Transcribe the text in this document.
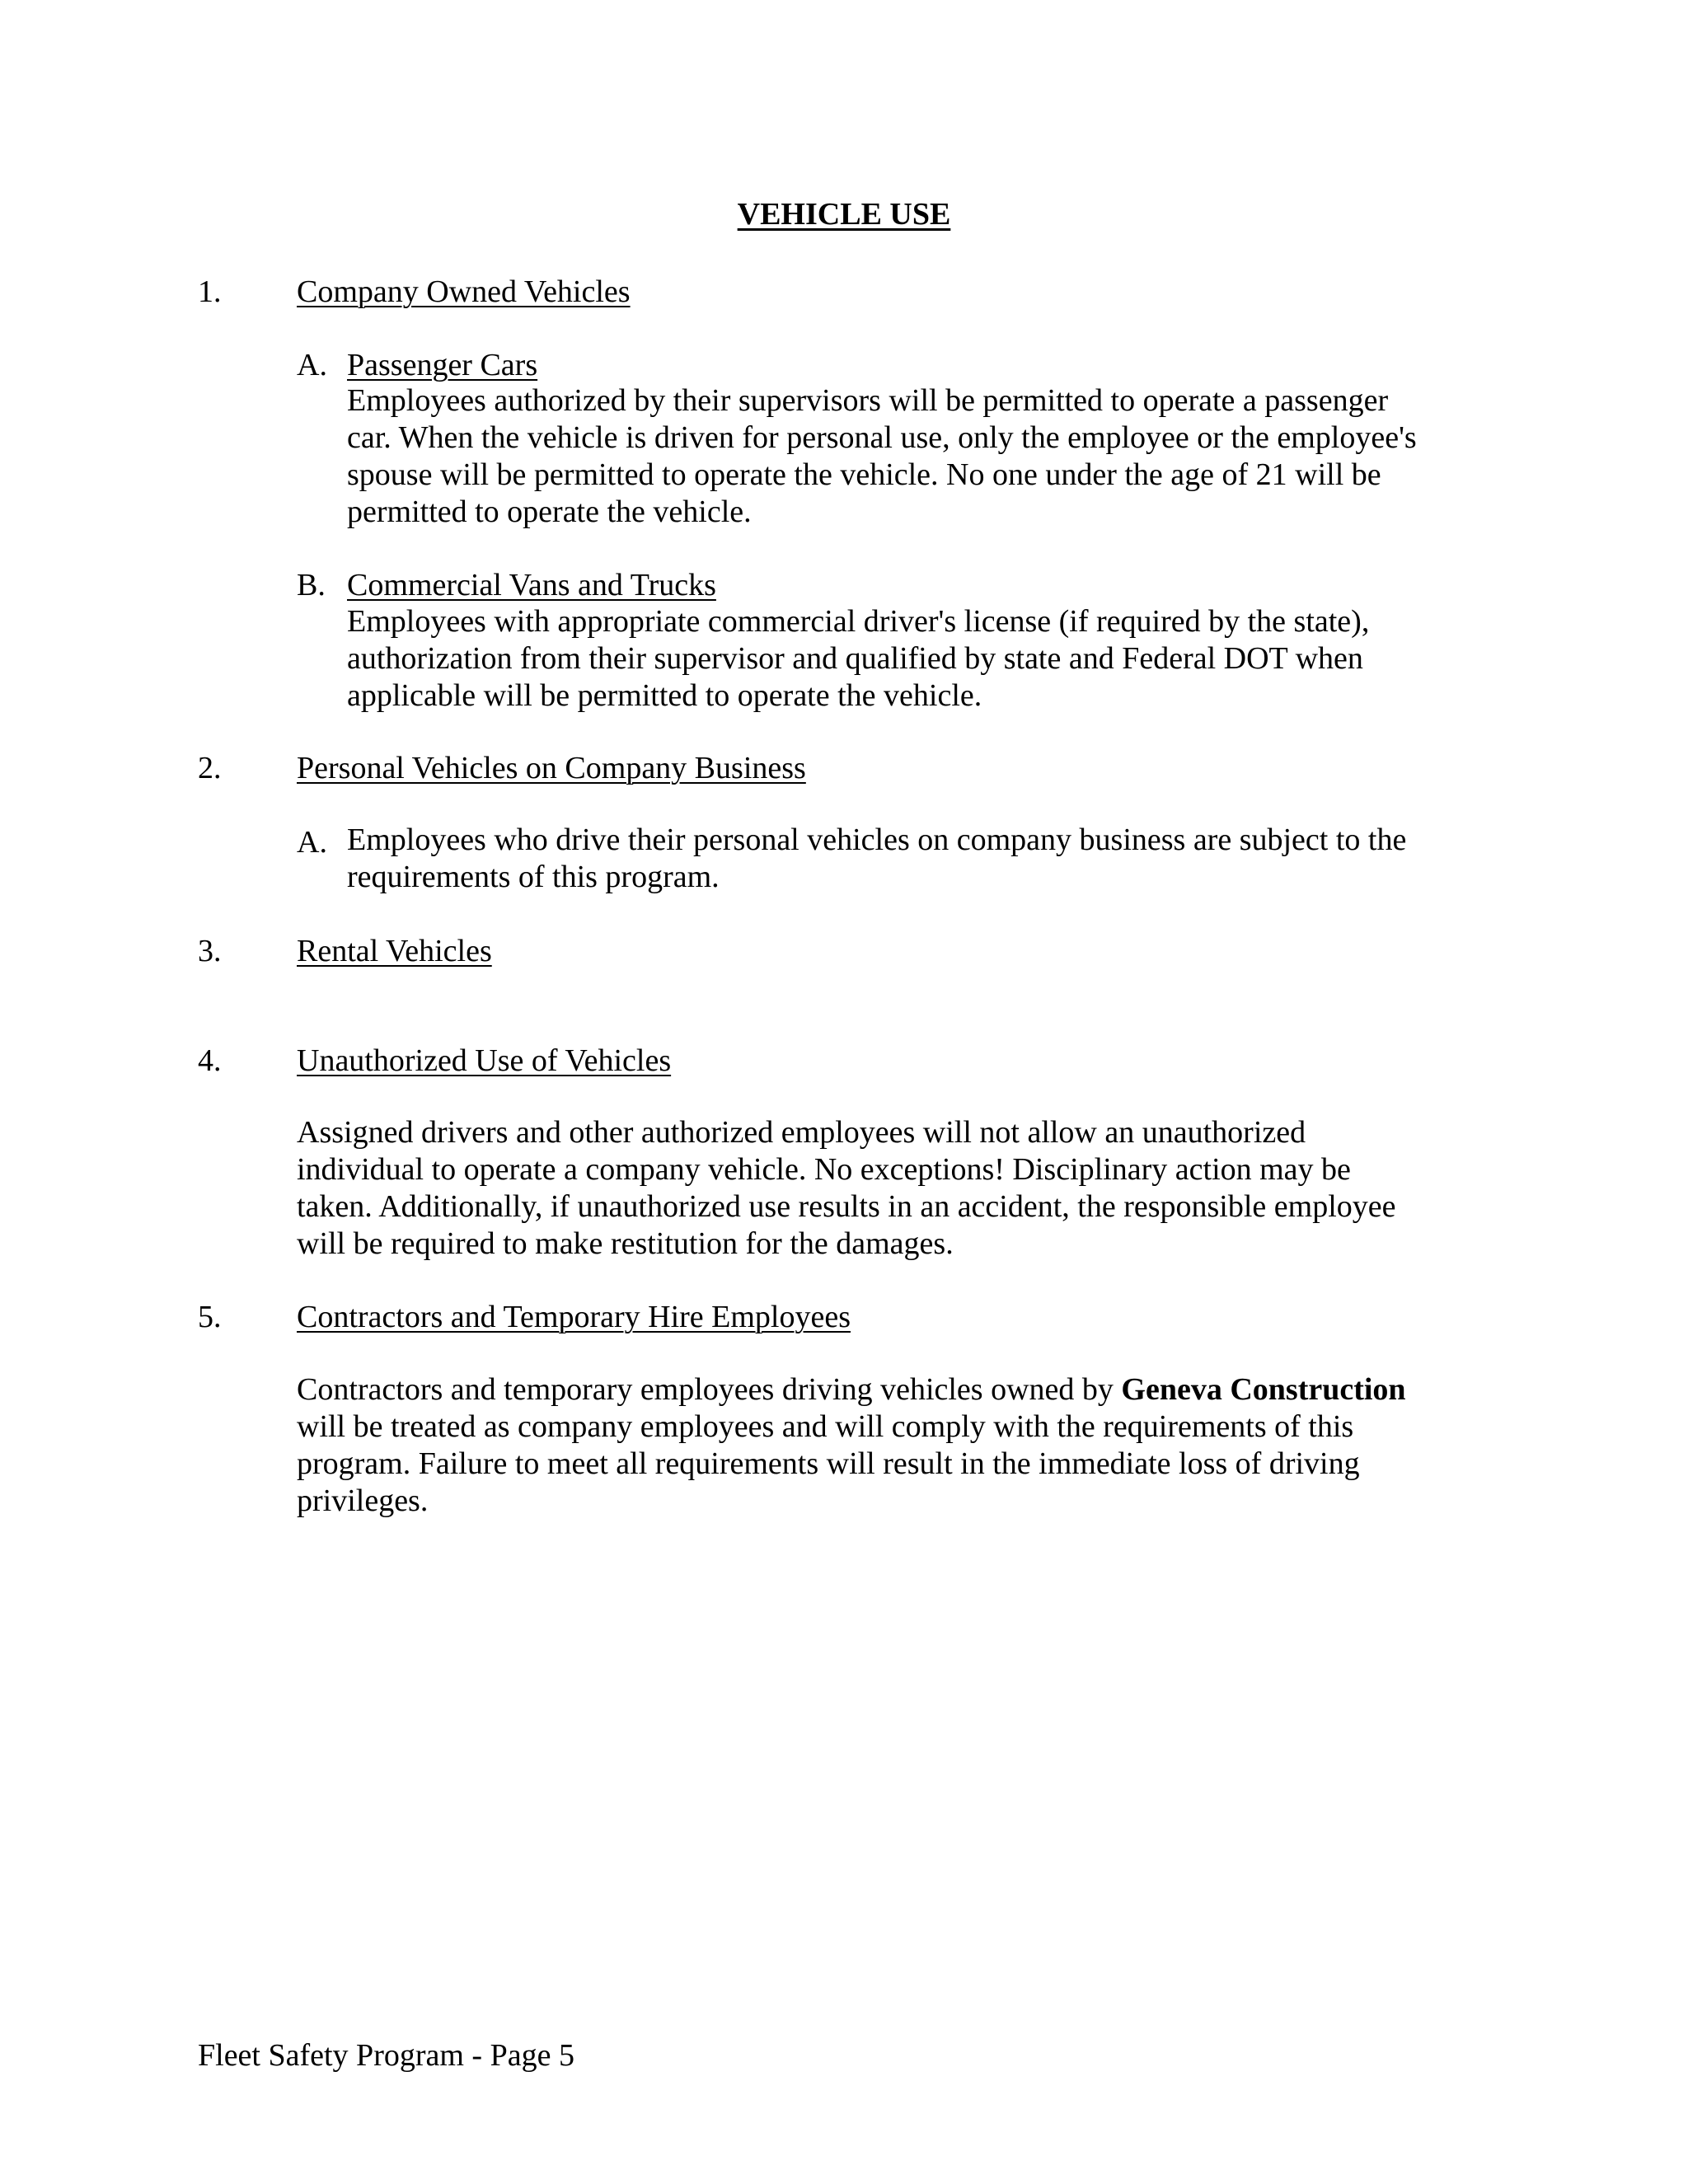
VEHICLE USE
1. Company Owned Vehicles
A. Passenger Cars
Employees authorized by their supervisors will be permitted to operate a passenger
car. When the vehicle is driven for personal use, only the employee or the employee's
spouse will be permitted to operate the vehicle. No one under the age of 21 will be
permitted to operate the vehicle.
B. Commercial Vans and Trucks
Employees with appropriate commercial driver's license (if required by the state),
authorization from their supervisor and qualified by state and Federal DOT when
applicable will be permitted to operate the vehicle.
2. Personal Vehicles on Company Business
A. Employees who drive their personal vehicles on company business are subject to the
requirements of this program.
3. Rental Vehicles
4. Unauthorized Use of Vehicles
Assigned drivers and other authorized employees will not allow an unauthorized
individual to operate a company vehicle. No exceptions! Disciplinary action may be
taken. Additionally, if unauthorized use results in an accident, the responsible employee
will be required to make restitution for the damages.
5. Contractors and Temporary Hire Employees
Contractors and temporary employees driving vehicles owned by Geneva Construction
will be treated as company employees and will comply with the requirements of this
program. Failure to meet all requirements will result in the immediate loss of driving
privileges.
Fleet Safety Program - Page 5
